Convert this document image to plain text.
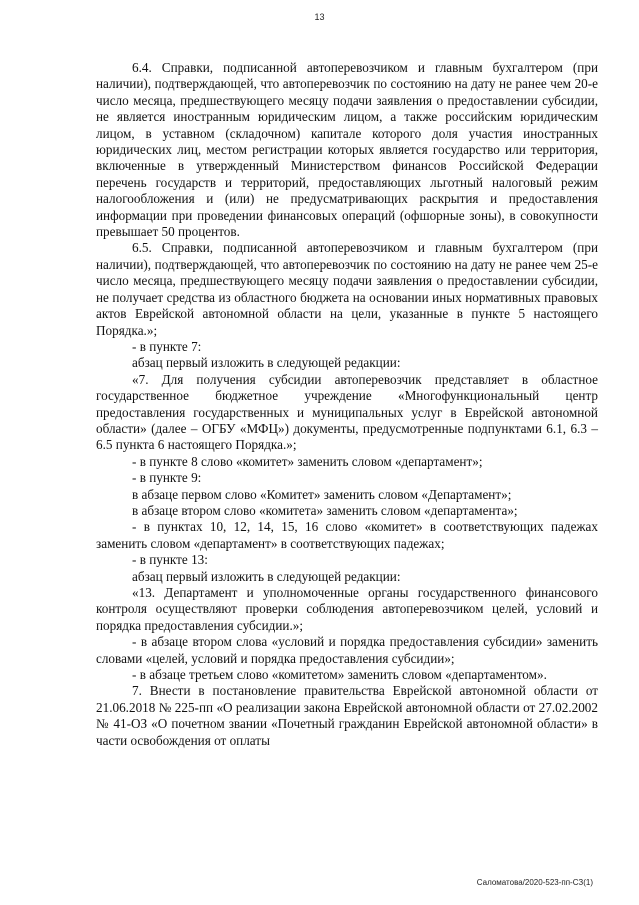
13

6.4. Справки, подписанной автоперевозчиком и главным бухгалтером (при наличии), подтверждающей, что автоперевозчик по состоянию на дату не ранее чем 20-е число месяца, предшествующего месяцу подачи заявления о предоставлении субсидии, не является иностранным юридическим лицом, а также российским юридическим лицом, в уставном (складочном) капитале которого доля участия иностранных юридических лиц, местом регистрации которых является государство или территория, включенные в утвержденный Министерством финансов Российской Федерации перечень государств и территорий, предоставляющих льготный налоговый режим налогообложения и (или) не предусматривающих раскрытия и предоставления информации при проведении финансовых операций (офшорные зоны), в совокупности превышает 50 процентов.

6.5. Справки, подписанной автоперевозчиком и главным бухгалтером (при наличии), подтверждающей, что автоперевозчик по состоянию на дату не ранее чем 25-е число месяца, предшествующего месяцу подачи заявления о предоставлении субсидии, не получает средства из областного бюджета на основании иных нормативных правовых актов Еврейской автономной области на цели, указанные в пункте 5 настоящего Порядка.»;

- в пункте 7:

абзац первый изложить в следующей редакции:

«7. Для получения субсидии автоперевозчик представляет в областное государственное бюджетное учреждение «Многофункциональный центр предоставления государственных и муниципальных услуг в Еврейской автономной области» (далее – ОГБУ «МФЦ») документы, предусмотренные подпунктами 6.1, 6.3 – 6.5 пункта 6 настоящего Порядка.»;

- в пункте 8 слово «комитет» заменить словом «департамент»;

- в пункте 9:

в абзаце первом слово «Комитет» заменить словом «Департамент»;

в абзаце втором слово «комитета» заменить словом «департамента»;

- в пунктах 10, 12, 14, 15, 16 слово «комитет» в соответствующих падежах заменить словом «департамент» в соответствующих падежах;

- в пункте 13:

абзац первый изложить в следующей редакции:

«13. Департамент и уполномоченные органы государственного финансового контроля осуществляют проверки соблюдения автоперевозчиком целей, условий и порядка предоставления субсидии.»;

- в абзаце втором слова «условий и порядка предоставления субсидии» заменить словами «целей, условий и порядка предоставления субсидии»;

- в абзаце третьем слово «комитетом» заменить словом «департаментом».

7. Внести в постановление правительства Еврейской автономной области от 21.06.2018 № 225-пп «О реализации закона Еврейской автономной области от 27.02.2002 № 41-ОЗ «О почетном звании «Почетный гражданин Еврейской автономной области» в части освобождения от оплаты

Саломатова/2020-523-пп-СЗ(1)
